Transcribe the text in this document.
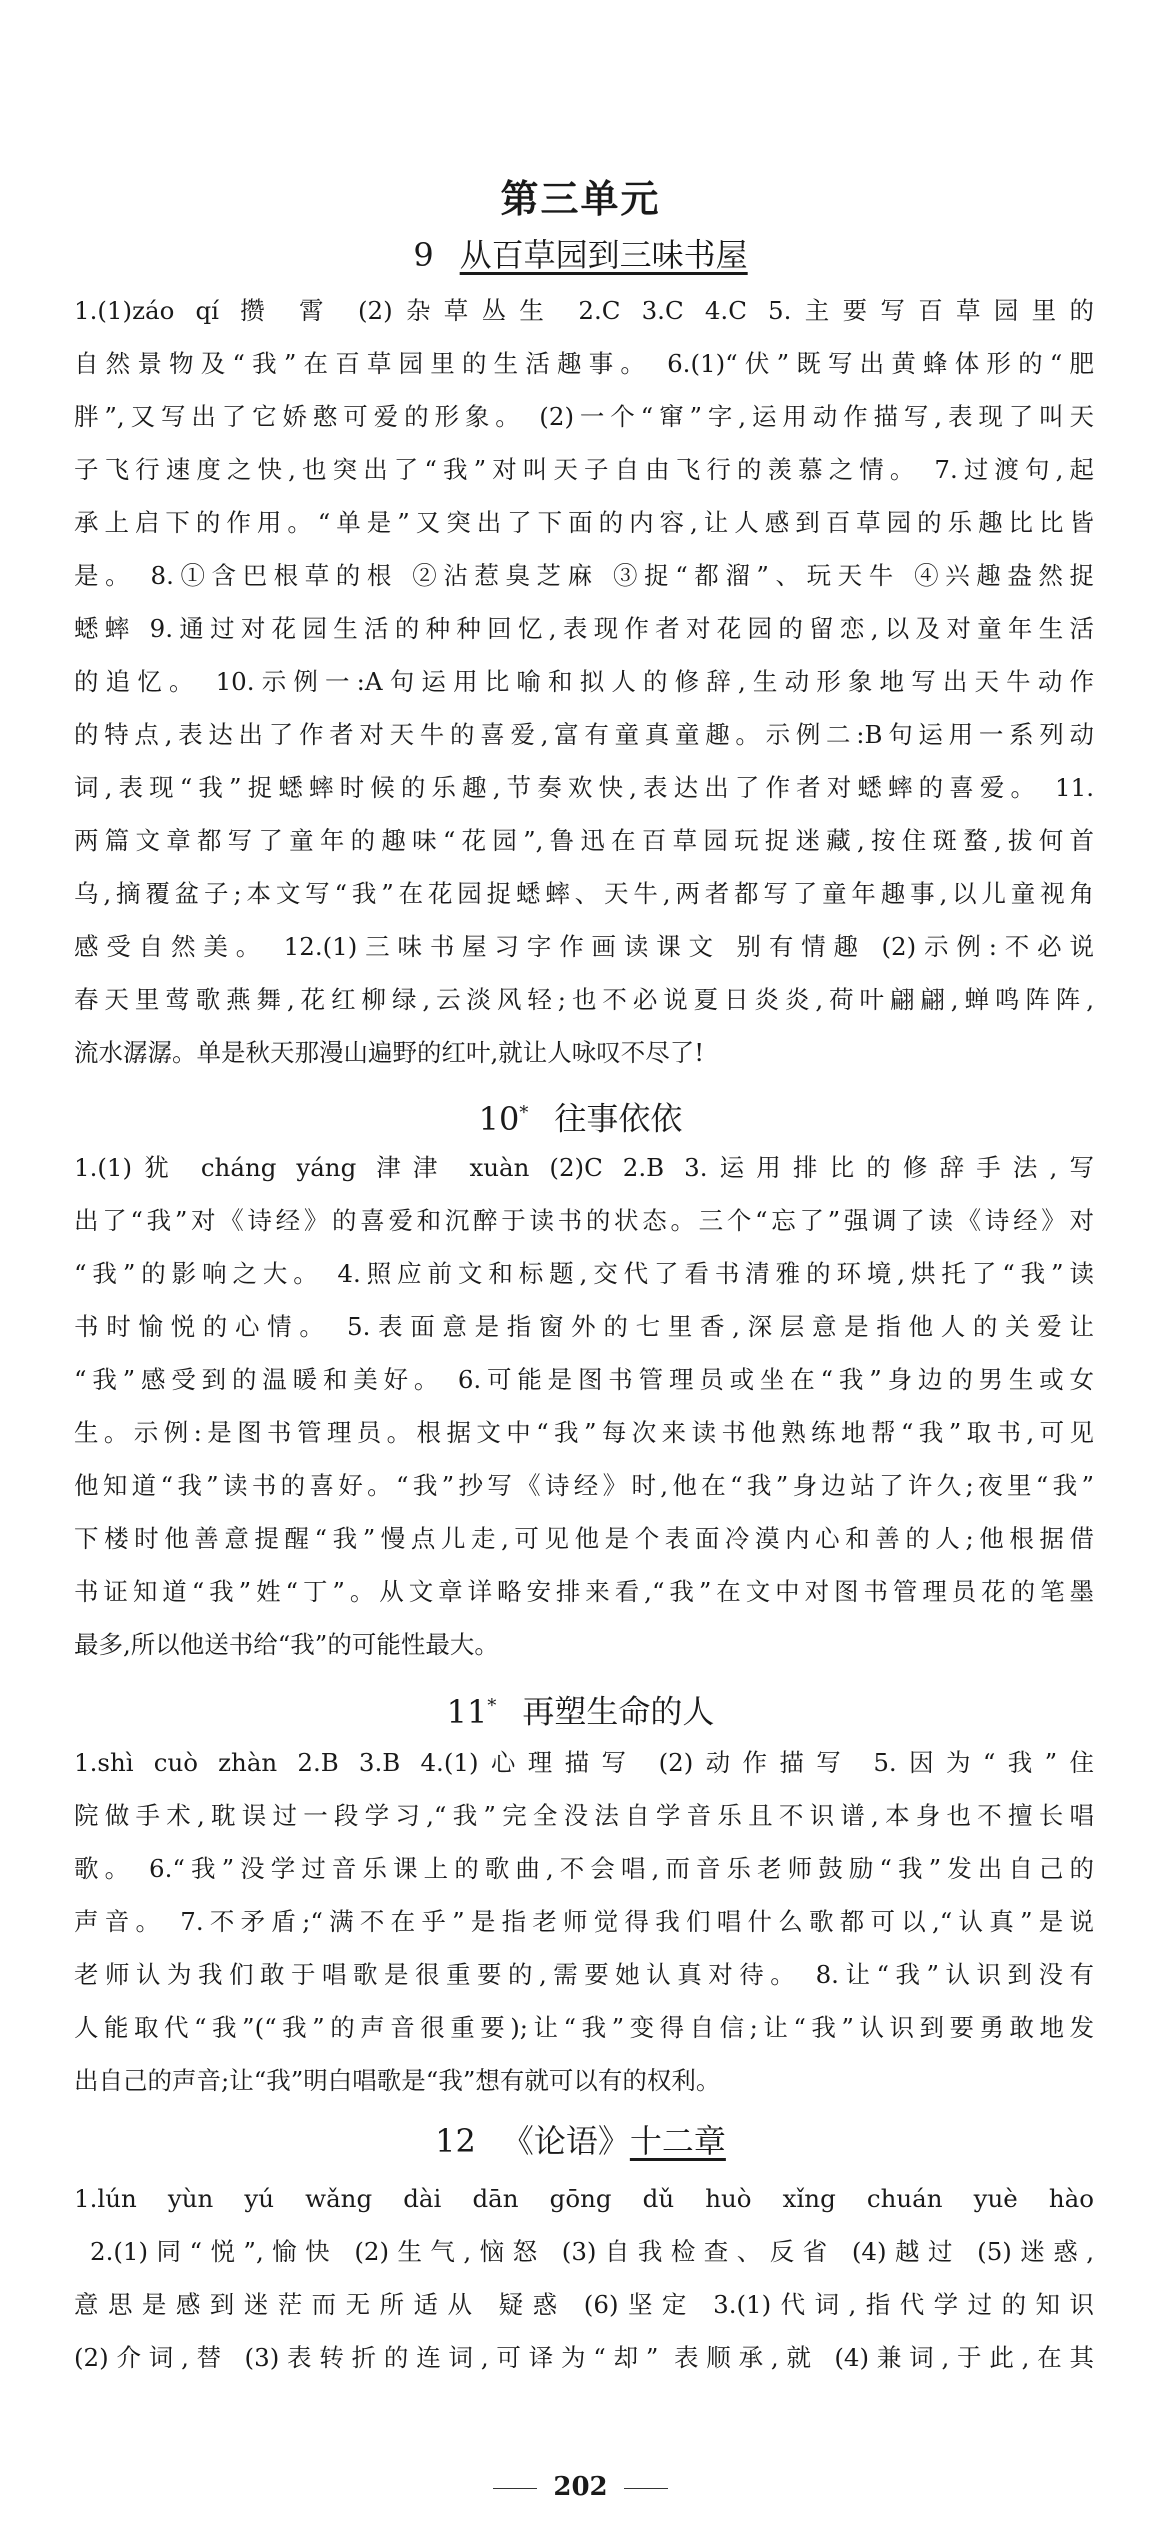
第三单元
9 从百草园到三味书屋
1.(1)záo qí 攒 霄 (2)杂草丛生 2.C 3.C 4.C 5.主要写百草园里的
自然景物及“我”在百草园里的生活趣事。 6.(1)“伏”既写出黄蜂体形的“肥
胖”,又写出了它娇憨可爱的形象。 (2)一个“窜”字,运用动作描写,表现了叫天
子飞行速度之快,也突出了“我”对叫天子自由飞行的羡慕之情。 7.过渡句,起
承上启下的作用。“单是”又突出了下面的内容,让人感到百草园的乐趣比比皆
是。 8.①含巴根草的根 ②沾惹臭芝麻 ③捉“都溜”、玩天牛 ④兴趣盎然捉
蟋蟀 9.通过对花园生活的种种回忆,表现作者对花园的留恋,以及对童年生活
的追忆。 10.示例一:A句运用比喻和拟人的修辞,生动形象地写出天牛动作
的特点,表达出了作者对天牛的喜爱,富有童真童趣。示例二:B句运用一系列动
词,表现“我”捉蟋蟀时候的乐趣,节奏欢快,表达出了作者对蟋蟀的喜爱。 11.
两篇文章都写了童年的趣味“花园”,鲁迅在百草园玩捉迷藏,按住斑蝥,拔何首
乌,摘覆盆子;本文写“我”在花园捉蟋蟀、天牛,两者都写了童年趣事,以儿童视角
感受自然美。 12.(1)三味书屋习字作画读课文 别有情趣 (2)示例:不必说
春天里莺歌燕舞,花红柳绿,云淡风轻;也不必说夏日炎炎,荷叶翩翩,蝉鸣阵阵,
流水潺潺。单是秋天那漫山遍野的红叶,就让人咏叹不尽了!
10* 往事依依
1.(1)犹 cháng yáng 津津 xuàn (2)C 2.B 3.运用排比的修辞手法,写
出了“我”对《诗经》的喜爱和沉醉于读书的状态。三个“忘了”强调了读《诗经》对
“我”的影响之大。 4.照应前文和标题,交代了看书清雅的环境,烘托了“我”读
书时愉悦的心情。 5.表面意是指窗外的七里香,深层意是指他人的关爱让
“我”感受到的温暖和美好。 6.可能是图书管理员或坐在“我”身边的男生或女
生。示例:是图书管理员。根据文中“我”每次来读书他熟练地帮“我”取书,可见
他知道“我”读书的喜好。“我”抄写《诗经》时,他在“我”身边站了许久;夜里“我”
下楼时他善意提醒“我”慢点儿走,可见他是个表面冷漠内心和善的人;他根据借
书证知道“我”姓“丁”。从文章详略安排来看,“我”在文中对图书管理员花的笔墨
最多,所以他送书给“我”的可能性最大。
11* 再塑生命的人
1.shì cuò zhàn 2.B 3.B 4.(1)心理描写 (2)动作描写 5.因为“我”住
院做手术,耽误过一段学习,“我”完全没法自学音乐且不识谱,本身也不擅长唱
歌。 6.“我”没学过音乐课上的歌曲,不会唱,而音乐老师鼓励“我”发出自己的
声音。 7.不矛盾;“满不在乎”是指老师觉得我们唱什么歌都可以,“认真”是说
老师认为我们敢于唱歌是很重要的,需要她认真对待。 8.让“我”认识到没有
人能取代“我”(“我”的声音很重要);让“我”变得自信;让“我”认识到要勇敢地发
出自己的声音;让“我”明白唱歌是“我”想有就可以有的权利。
12 《论语》十二章
1.lún yùn yú wǎng dài dān gōng dǔ huò xǐng chuán yuè hào
2.(1)同“悦”,愉快 (2)生气,恼怒 (3)自我检查、反省 (4)越过 (5)迷惑,
意思是感到迷茫而无所适从 疑惑 (6)坚定 3.(1)代词,指代学过的知识
(2)介词,替 (3)表转折的连词,可译为“却” 表顺承,就 (4)兼词,于此,在其
202
